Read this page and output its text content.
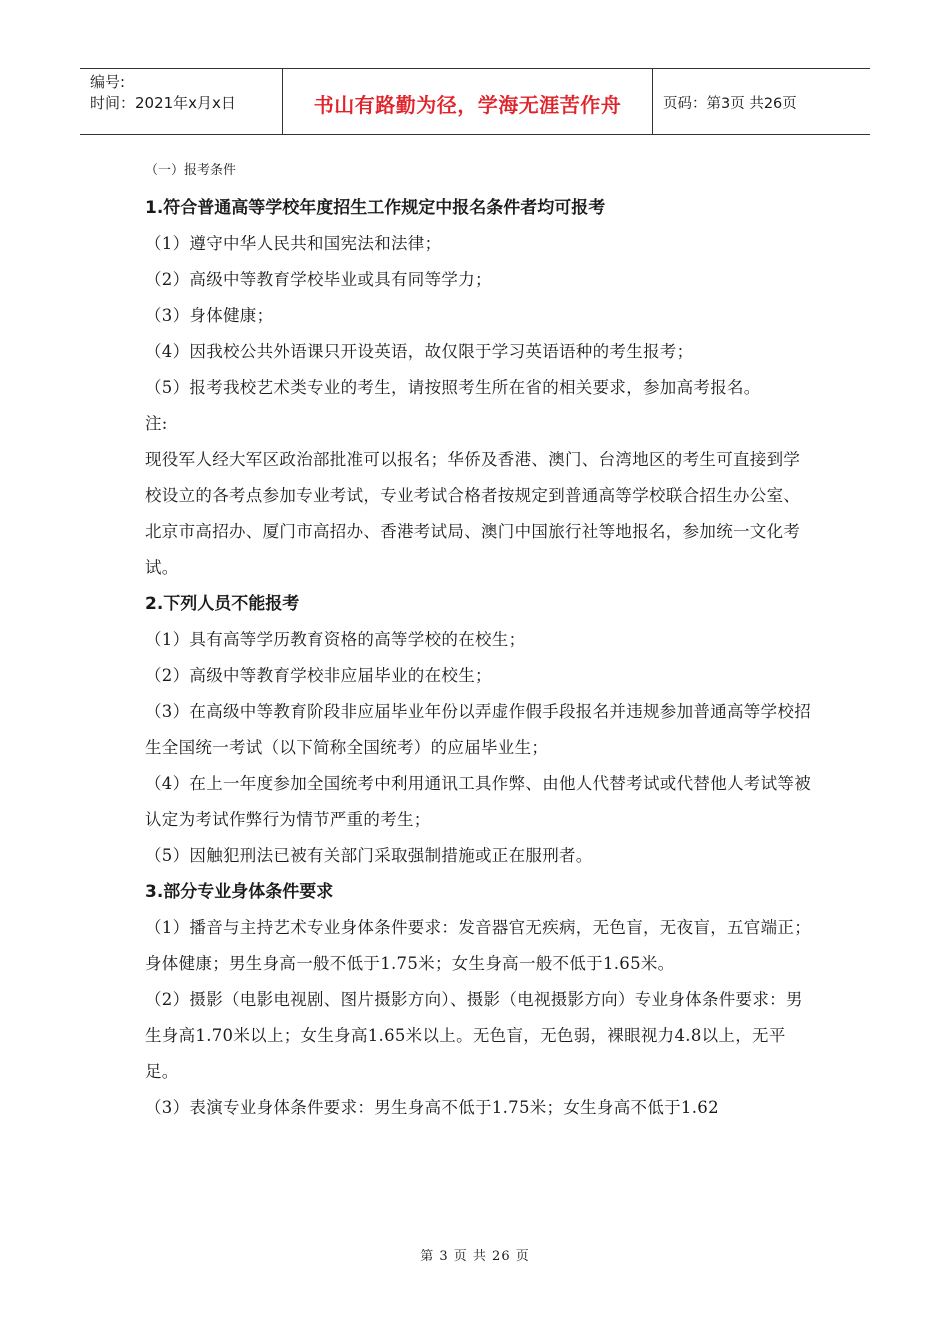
编号:
时间：2021年x月x日	书山有路勤为径，学海无涯苦作舟	页码：第3页 共26页
（一）报考条件
1.符合普通高等学校年度招生工作规定中报名条件者均可报考
（1）遵守中华人民共和国宪法和法律；
（2）高级中等教育学校毕业或具有同等学力；
（3）身体健康；
（4）因我校公共外语课只开设英语，故仅限于学习英语语种的考生报考；
（5）报考我校艺术类专业的考生，请按照考生所在省的相关要求，参加高考报名。
注:
现役军人经大军区政治部批准可以报名；华侨及香港、澳门、台湾地区的考生可直接到学校设立的各考点参加专业考试，专业考试合格者按规定到普通高等学校联合招生办公室、北京市高招办、厦门市高招办、香港考试局、澳门中国旅行社等地报名，参加统一文化考试。
2.下列人员不能报考
（1）具有高等学历教育资格的高等学校的在校生；
（2）高级中等教育学校非应届毕业的在校生；
（3）在高级中等教育阶段非应届毕业年份以弄虚作假手段报名并违规参加普通高等学校招生全国统一考试（以下简称全国统考）的应届毕业生；
（4）在上一年度参加全国统考中利用通讯工具作弊、由他人代替考试或代替他人考试等被认定为考试作弊行为情节严重的考生；
（5）因触犯刑法已被有关部门采取强制措施或正在服刑者。
3.部分专业身体条件要求
（1）播音与主持艺术专业身体条件要求：发音器官无疾病，无色盲，无夜盲，五官端正；身体健康；男生身高一般不低于1.75米；女生身高一般不低于1.65米。
（2）摄影（电影电视剧、图片摄影方向）、摄影（电视摄影方向）专业身体条件要求：男生身高1.70米以上；女生身高1.65米以上。无色盲，无色弱，裸眼视力4.8以上，无平足。
（3）表演专业身体条件要求：男生身高不低于1.75米；女生身高不低于1.62
第 3 页 共 26 页
